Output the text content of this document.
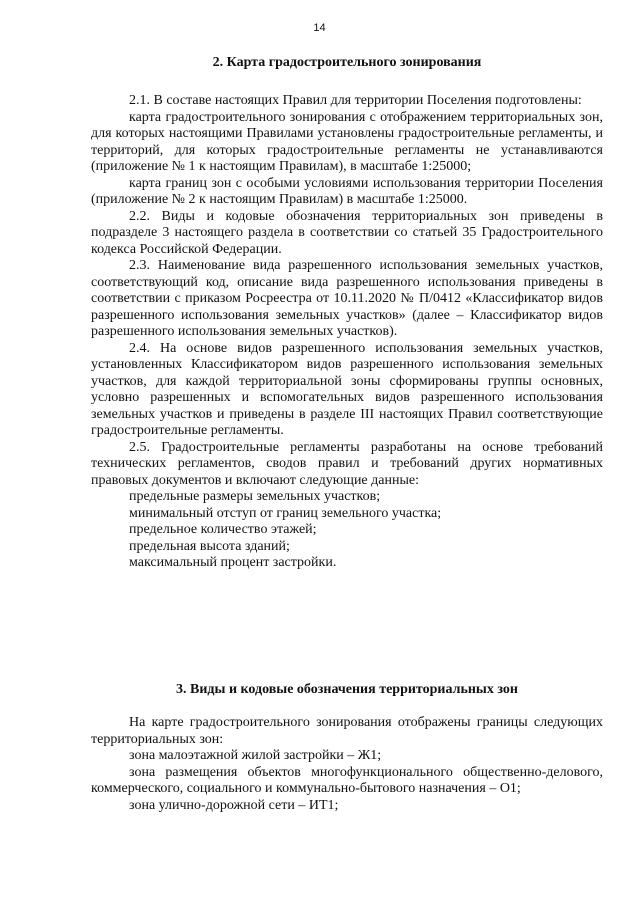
14
2. Карта градостроительного зонирования

2.1. В составе настоящих Правил для территории Поселения подготовлены:

карта градостроительного зонирования с отображением территориальных зон, для которых настоящими Правилами установлены градостроительные регламенты, и территорий, для которых градостроительные регламенты не устанавливаются (приложение № 1 к настоящим Правилам), в масштабе 1:25000;

карта границ зон с особыми условиями использования территории Поселения (приложение № 2 к настоящим Правилам) в масштабе 1:25000.

2.2. Виды и кодовые обозначения территориальных зон приведены в подразделе 3 настоящего раздела в соответствии со статьей 35 Градостроительного кодекса Российской Федерации.

2.3. Наименование вида разрешенного использования земельных участков, соответствующий код, описание вида разрешенного использования приведены в соответствии с приказом Росреестра от 10.11.2020 № П/0412 «Классификатор видов разрешенного использования земельных участков» (далее – Классификатор видов разрешенного использования земельных участков).

2.4. На основе видов разрешенного использования земельных участков, установленных Классификатором видов разрешенного использования земельных участков, для каждой территориальной зоны сформированы группы основных, условно разрешенных и вспомогательных видов разрешенного использования земельных участков и приведены в разделе III настоящих Правил соответствующие градостроительные регламенты.

2.5. Градостроительные регламенты разработаны на основе требований технических регламентов, сводов правил и требований других нормативных правовых документов и включают следующие данные:

предельные размеры земельных участков;

минимальный отступ от границ земельного участка;

предельное количество этажей;

предельная высота зданий;

максимальный процент застройки.

3. Виды и кодовые обозначения территориальных зон

На карте градостроительного зонирования отображены границы следующих территориальных зон:

зона малоэтажной жилой застройки – Ж1;

зона размещения объектов многофункционального общественно-делового, коммерческого, социального и коммунально-бытового назначения – О1;

зона улично-дорожной сети – ИТ1;
